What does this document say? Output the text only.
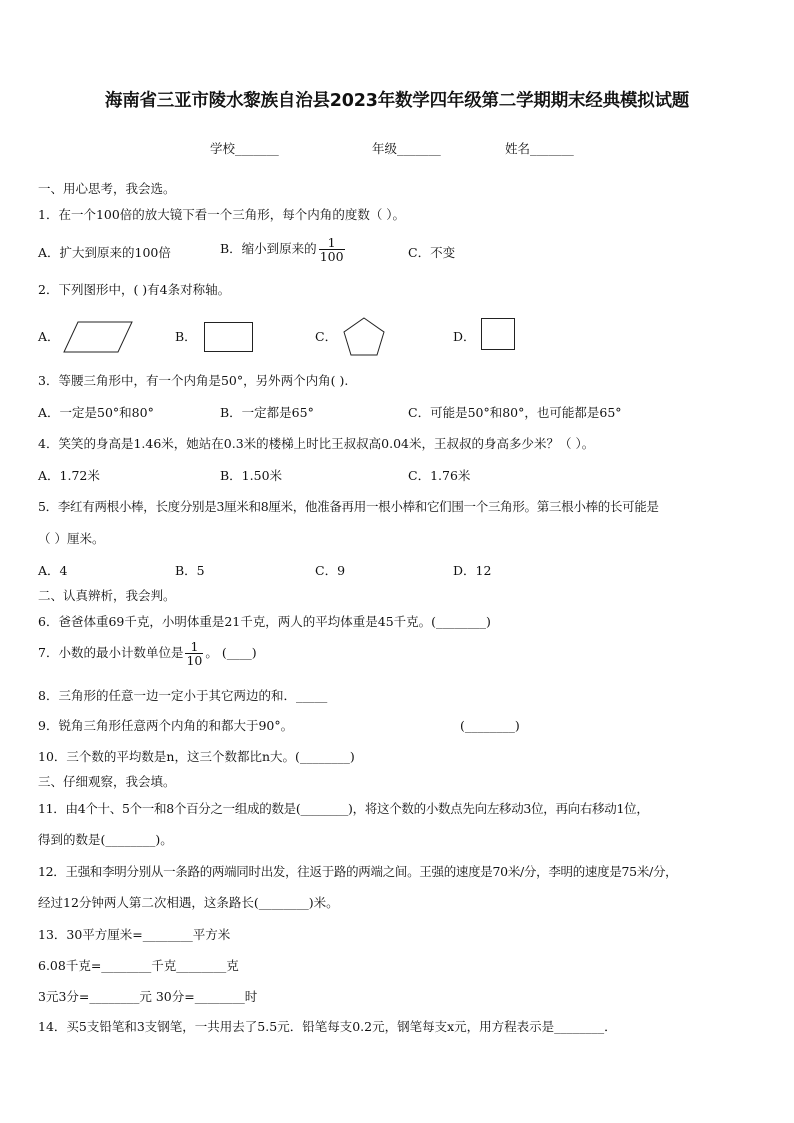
海南省三亚市陵水黎族自治县2023年数学四年级第二学期期末经典模拟试题
学校_______	年级_______	姓名_______
一、用心思考，我会选。
1．在一个100倍的放大镜下看一个三角形，每个内角的度数（ ）。
A．扩大到原来的100倍	B．缩小到原来的 $\frac{1}{100}$	C．不变
2．下列图形中，( )有4条对称轴。
A．	B．	C．	D．
3．等腰三角形中，有一个内角是50°，另外两个内角( ).
A．一定是50°和80°	B．一定都是65°	C．可能是50°和80°，也可能都是65°
4．笑笑的身高是1.46米，她站在0.3米的楼梯上时比王叔叔高0.04米，王叔叔的身高多少米？（ ）。
A．1.72米	B．1.50米	C．1.76米
5．李红有两根小棒，长度分别是3厘米和8厘米，他准备再用一根小棒和它们围一个三角形。第三根小棒的长可能是
（ ）厘米。
A．4	B．5	C．9	D．12
二、认真辨析，我会判。
6．爸爸体重69千克，小明体重是21千克，两人的平均体重是45千克。(________)
7．小数的最小计数单位是 $\frac{1}{10}$ 。 (____)
8．三角形的任意一边一定小于其它两边的和．_____
9．锐角三角形任意两个内角的和都大于90°。	(________)
10．三个数的平均数是n，这三个数都比n大。(________)
三、仔细观察，我会填。
11．由4个十、5个一和8个百分之一组成的数是(________)，将这个数的小数点先向左移动3位，再向右移动1位，
得到的数是(________)。
12．王强和李明分别从一条路的两端同时出发，往返于路的两端之间。王强的速度是70米/分，李明的速度是75米/分，
经过12分钟两人第二次相遇，这条路长(________)米。
13．30平方厘米=________平方米
6.08千克=________千克________克
3元3分=________元 30分=________时
14．买5支铅笔和3支钢笔，一共用去了5.5元．铅笔每支0.2元，钢笔每支x元，用方程表示是________．
